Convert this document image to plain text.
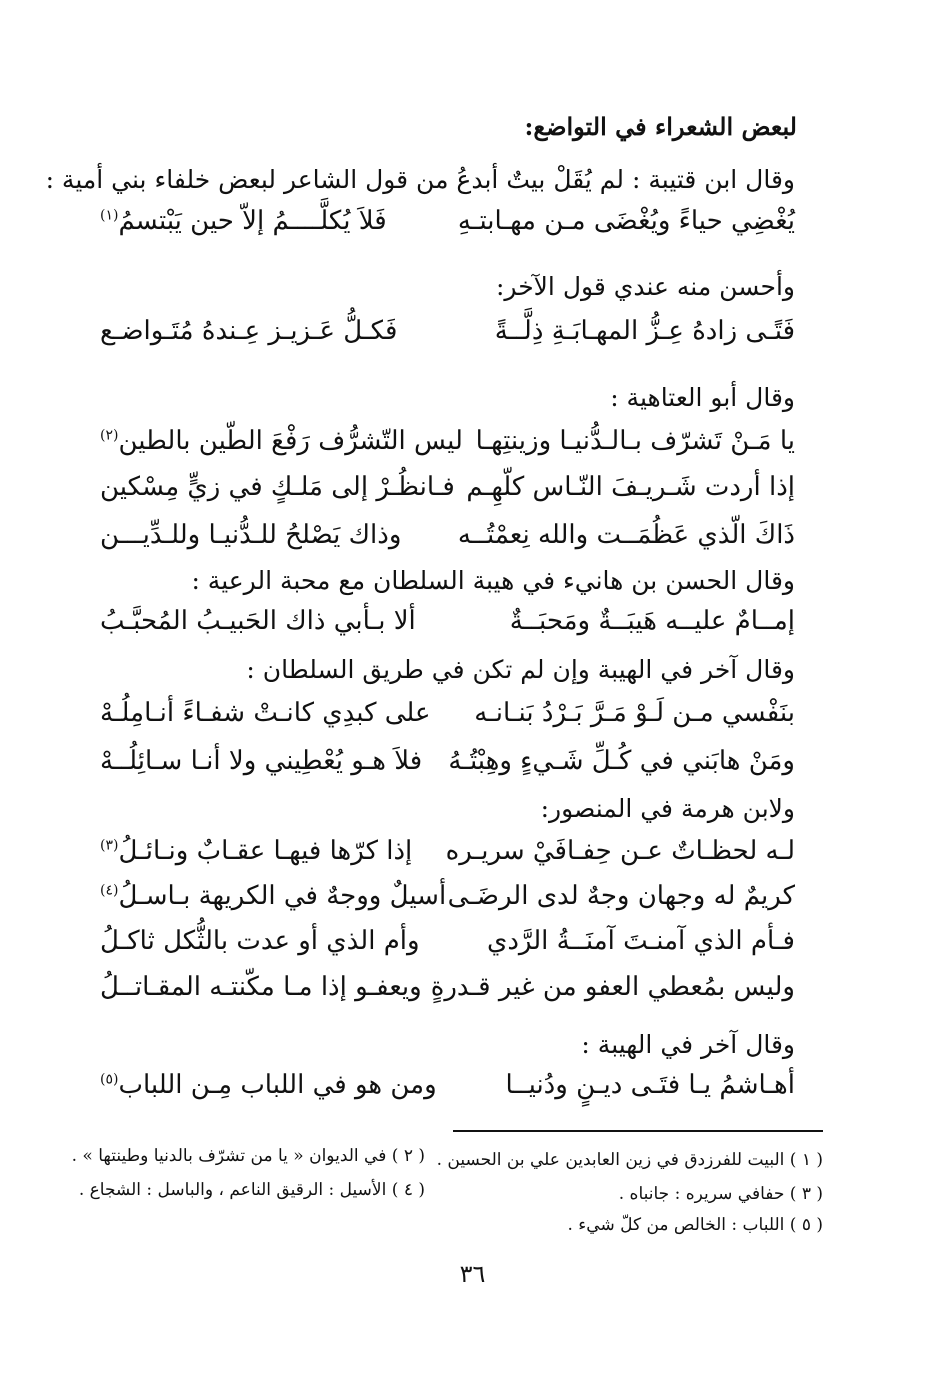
لبعض الشعراء في التواضع:
وقال ابن قتيبة : لم يُقَلْ بيتٌ أبدعُ من قول الشاعر لبعض خلفاء بني أمية :
يُغْضِي حياءً ويُغْضَى مـن مهـابتـهِ
فَلاَ يُكلَّــــمُ إلاّ حين يَبْتسمُ$^{(١)}$
وأحسن منه عندي قول الآخر:
فَتًـى زادهُ عِـزُّ المهـابَـةِ ذِلَّــةً
فَكـلُّ عَـزيـز عِـندهُ مُتَـواضـع
وقال أبو العتاهية :
يا مَـنْ تَشرّف بـالـدُّنيـا وزينتِهـا
ليس التّشرُّف رَفْعَ الطّين بالطين$^{(٢)}$
إذا أردت شَـريـفَ النّـاس كلّهِـم
فـانظُـرْ إلى مَلـكٍ في زيٍّ مِسْكين
ذَاكَ الّذي عَظُمَــت والله نِعمْتُــه
وذاك يَصْلحُ للـدُّنيـا وللـدِّيـــن
وقال الحسن بن هانيء في هيبة السلطان مع محبة الرعية :
إمــامٌ عليــه هَيبَــةٌ ومَحبَــةٌ
ألا بـأبي ذاك الحَبيـبُ المُحبَّـبُ
وقال آخر في الهيبة وإن لم تكن في طريق السلطان :
بنَفْسي مـن لَـوْ مَـرَّ بَـرْدُ بَنـانـه
على كبدِي كانـتْ شفـاءً أنـامِلُـهْ
ومَنْ هابَني في كُـلِّ شَـيءٍ وهِبْتُـهُ
فلاَ هـو يُعْطِيني ولا أنـا سـائِلُــهْ
ولابن هرمة في المنصور:
لـه لحظـاتٌ عـن حِفـافَيْ سريـره
إذا كرّها فيهـا عقـابٌ ونـائـلُ$^{(٣)}$
كريمٌ له وجهان وجهٌ لدى الرضَـى
أسيلٌ ووجهٌ في الكريهة بـاسـلُ$^{(٤)}$
فـأم الذي آمنـتَ آمنَــةُ الرَّدي
وأم الذي أو عدت بالثُّكل ثاكـلُ
وليس بمُعطي العفو من غير قـدرةٍ
ويعفـو إذا مـا مكّنتـه المقـاتــلُ
وقال آخر في الهيبة :
أهـاشمُ يـا فتَـى ديـنٍ ودُنيــا
ومن هو في اللباب مِـن اللباب$^{(٥)}$
( ١ ) البيت للفرزدق في زين العابدين علي بن الحسين .
( ٢ ) في الديوان « يا من تشرّف بالدنيا وطينتها » .
( ٣ ) حفافي سريره : جانباه .
( ٤ ) الأسيل : الرقيق الناعم ، والباسل : الشجاع .
( ٥ ) اللباب : الخالص من كلّ شيء .
٣٦
